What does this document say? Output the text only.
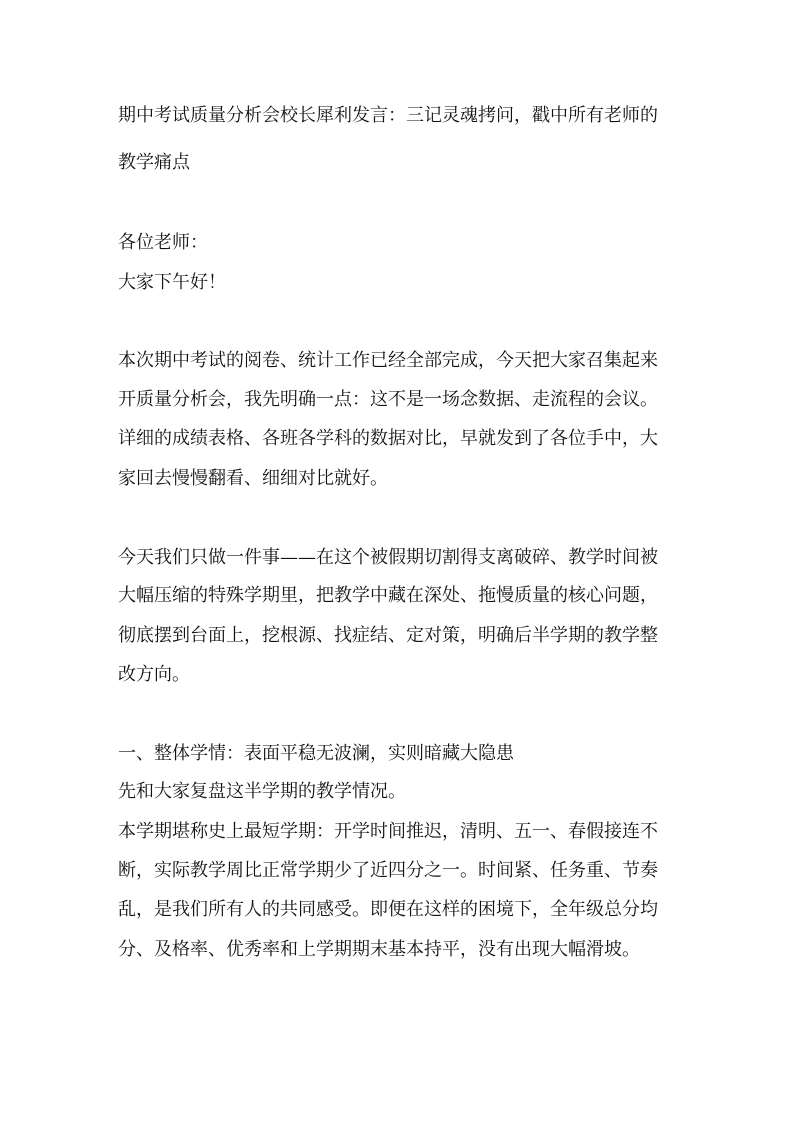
期中考试质量分析会校长犀利发言：三记灵魂拷问，戳中所有老师的

教学痛点

各位老师：

大家下午好！

本次期中考试的阅卷、统计工作已经全部完成，今天把大家召集起来

开质量分析会，我先明确一点：这不是一场念数据、走流程的会议。

详细的成绩表格、各班各学科的数据对比，早就发到了各位手中，大

家回去慢慢翻看、细细对比就好。

今天我们只做一件事——在这个被假期切割得支离破碎、教学时间被

大幅压缩的特殊学期里，把教学中藏在深处、拖慢质量的核心问题，

彻底摆到台面上，挖根源、找症结、定对策，明确后半学期的教学整

改方向。

一、整体学情：表面平稳无波澜，实则暗藏大隐患

先和大家复盘这半学期的教学情况。

本学期堪称史上最短学期：开学时间推迟，清明、五一、春假接连不

断，实际教学周比正常学期少了近四分之一。时间紧、任务重、节奏

乱，是我们所有人的共同感受。即便在这样的困境下，全年级总分均

分、及格率、优秀率和上学期期末基本持平，没有出现大幅滑坡。
